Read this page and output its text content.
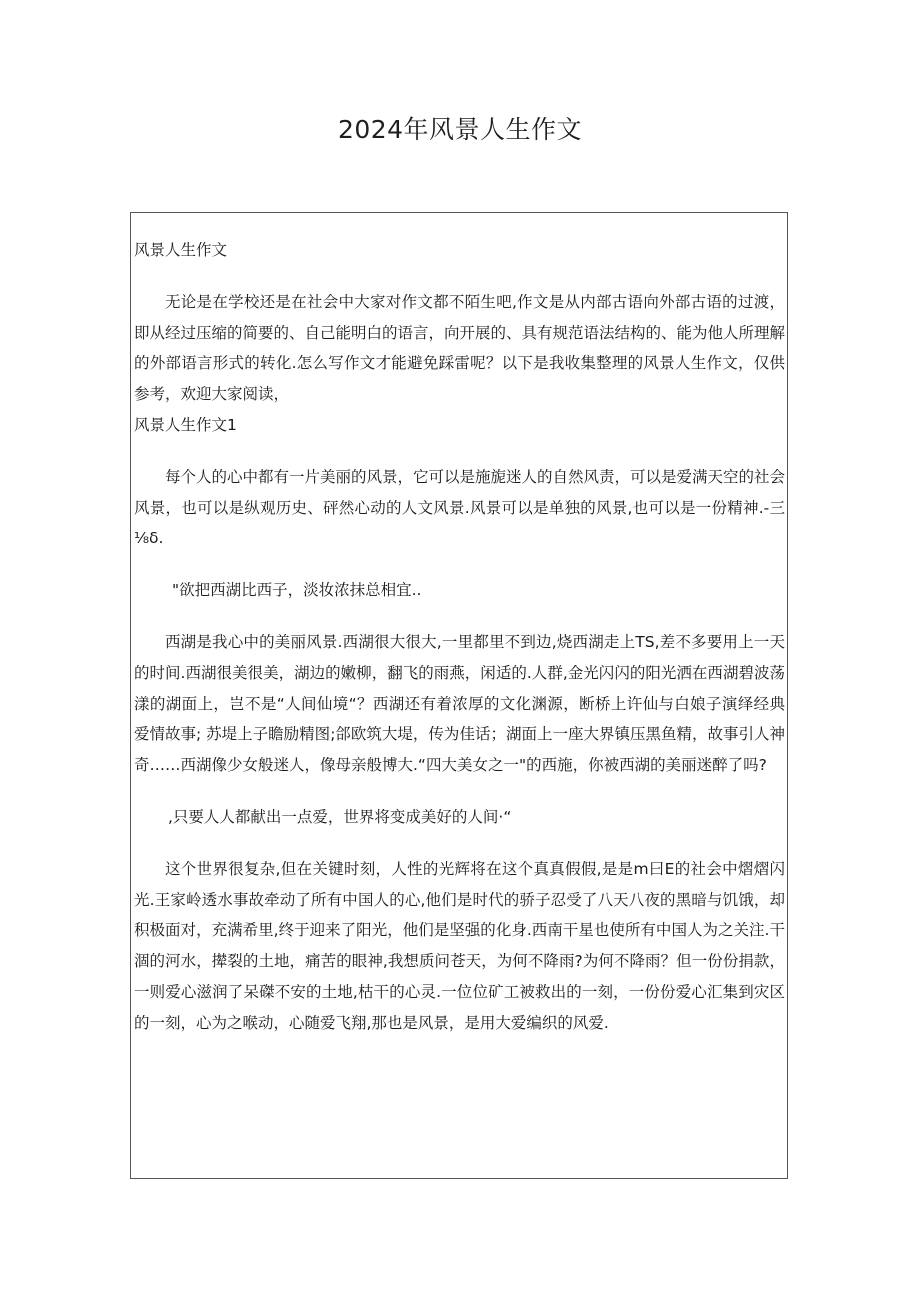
2024年风景人生作文

风景人生作文

无论是在学校还是在社会中大家对作文都不陌生吧,作文是从内部古语向外部古语的过渡，即从经过压缩的简要的、自己能明白的语言，向开展的、具有规范语法结构的、能为他人所理解的外部语言形式的转化.怎么写作文才能避免踩雷呢？以下是我收集整理的风景人生作文，仅供参考，欢迎大家阅读，

风景人生作文1

每个人的心中都有一片美丽的风景，它可以是施旎迷人的自然风责，可以是爱满天空的社会风景，也可以是纵观历史、砰然心动的人文风景.风景可以是单独的风景,也可以是一份精神.-三⅛δ.

"欲把西湖比西子，淡妆浓抹总相宜..

西湖是我心中的美丽风景.西湖很大很大,一里都里不到边,烧西湖走上TS,差不多要用上一天的时间.西湖很美很美，湖边的嫩柳，翻飞的雨燕，闲适的.人群,金光闪闪的阳光洒在西湖碧波荡漾的湖面上，岂不是“人间仙境“？西湖还有着浓厚的文化渊源，断桥上许仙与白娘子演绎经典爱情故事; 苏堤上子瞻励精图;郃欧筑大堤，传为佳话；湖面上一座大界镇压黑鱼精，故事引人神奇……西湖像少女般迷人，像母亲般博大.“四大美女之一"的西施，你被西湖的美丽迷醉了吗?

,只要人人都献出一点爱，世界将变成美好的人间·“

这个世界很复杂,但在关键时刻，人性的光辉将在这个真真假假,是是m曰E的社会中熠熠闪光.王家岭透水事故牵动了所有中国人的心,他们是时代的骄子忍受了八天八夜的黑暗与饥饿，却积极面对，充满希里,终于迎来了阳光，他们是坚强的化身.西南干星也使所有中国人为之关注.干涸的河水，撵裂的土地，痛苦的眼神,我想质问苍天，为何不降雨?为何不降雨？但一份份捐款，一则爱心滋润了呆磔不安的土地,枯干的心灵.一位位矿工被救出的一刻，一份份爱心汇集到灾区的一刻，心为之喉动，心随爱飞翔,那也是风景，是用大爱编织的风爱.
